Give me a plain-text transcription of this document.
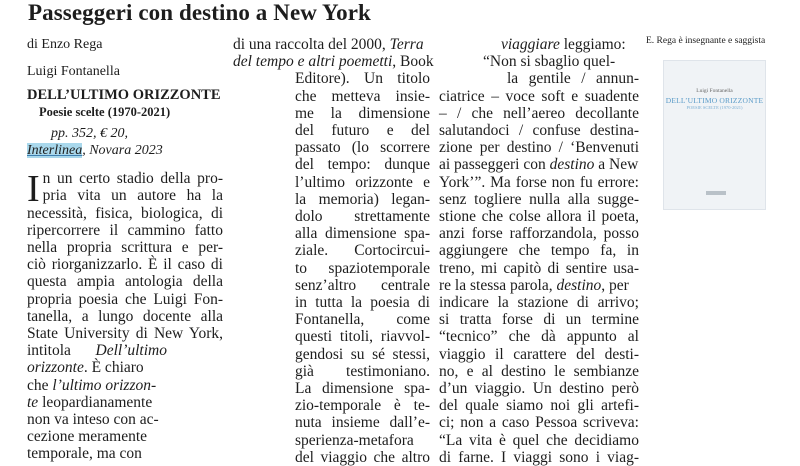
Passeggeri con destino a New York
di Enzo Rega
Luigi Fontanella
DELL’ULTIMO ORIZZONTE
Poesie scelte (1970-2021)
pp. 352, € 20,
Interlinea, Novara 2023
I n un certo stadio della pro-
pria vita un autore ha la
necessità, fisica, biologica, di
ripercorrere il cammino fatto
nella propria scrittura e per-
ciò riorganizzarlo. È il caso di
questa ampia antologia della
propria poesia che Luigi Fon-
tanella, a lungo docente alla
State University di New York,
intitola Dell’ultimo
orizzonte. È chiaro
che l’ultimo orizzon-
te leopardianamente
non va inteso con ac-
cezione meramente
temporale, ma con
di una raccolta del 2000, Terra
del tempo e altri poemetti, Book
Editore). Un titolo
che metteva insie-
me la dimensione
del futuro e del
passato (lo scorrere
del tempo: dunque
l’ultimo orizzonte e
la memoria) legan-
dolo strettamente
alla dimensione spa-
ziale. Cortocircui-
to spaziotemporale
senz’altro centrale
in tutta la poesia di
Fontanella, come
questi titoli, riavvol-
gendosi su sé stessi,
già testimoniano.
La dimensione spa-
zio-temporale è te-
nuta insieme dall’e-
sperienza-metafora
del viaggio che altro
viaggiare leggiamo:
“Non si sbaglio quel-
la gentile / annun-
ciatrice – voce soft e suadente
– / che nell’aereo decollante
salutandoci / confuse destina-
zione per destino / ‘Benvenuti
ai passeggeri con destino a New
York’”. Ma forse non fu errore:
senz togliere nulla alla sugge-
stione che colse allora il poeta,
anzi forse rafforzandola, posso
aggiungere che tempo fa, in
treno, mi capitò di sentire usa-
re la stessa parola, destino, per
indicare la stazione di arrivo;
si tratta forse di un termine
“tecnico” che dà appunto al
viaggio il carattere del desti-
no, e al destino le sembianze
d’un viaggio. Un destino però
del quale siamo noi gli artefi-
ci; non a caso Pessoa scriveva:
“La vita è quel che decidiamo
di farne. I viaggi sono i viag-
E. Rega è insegnante e saggista
Luigi Fontanella
DELL’ULTIMO ORIZZONTE
POESIE SCELTE (1970-2021)
